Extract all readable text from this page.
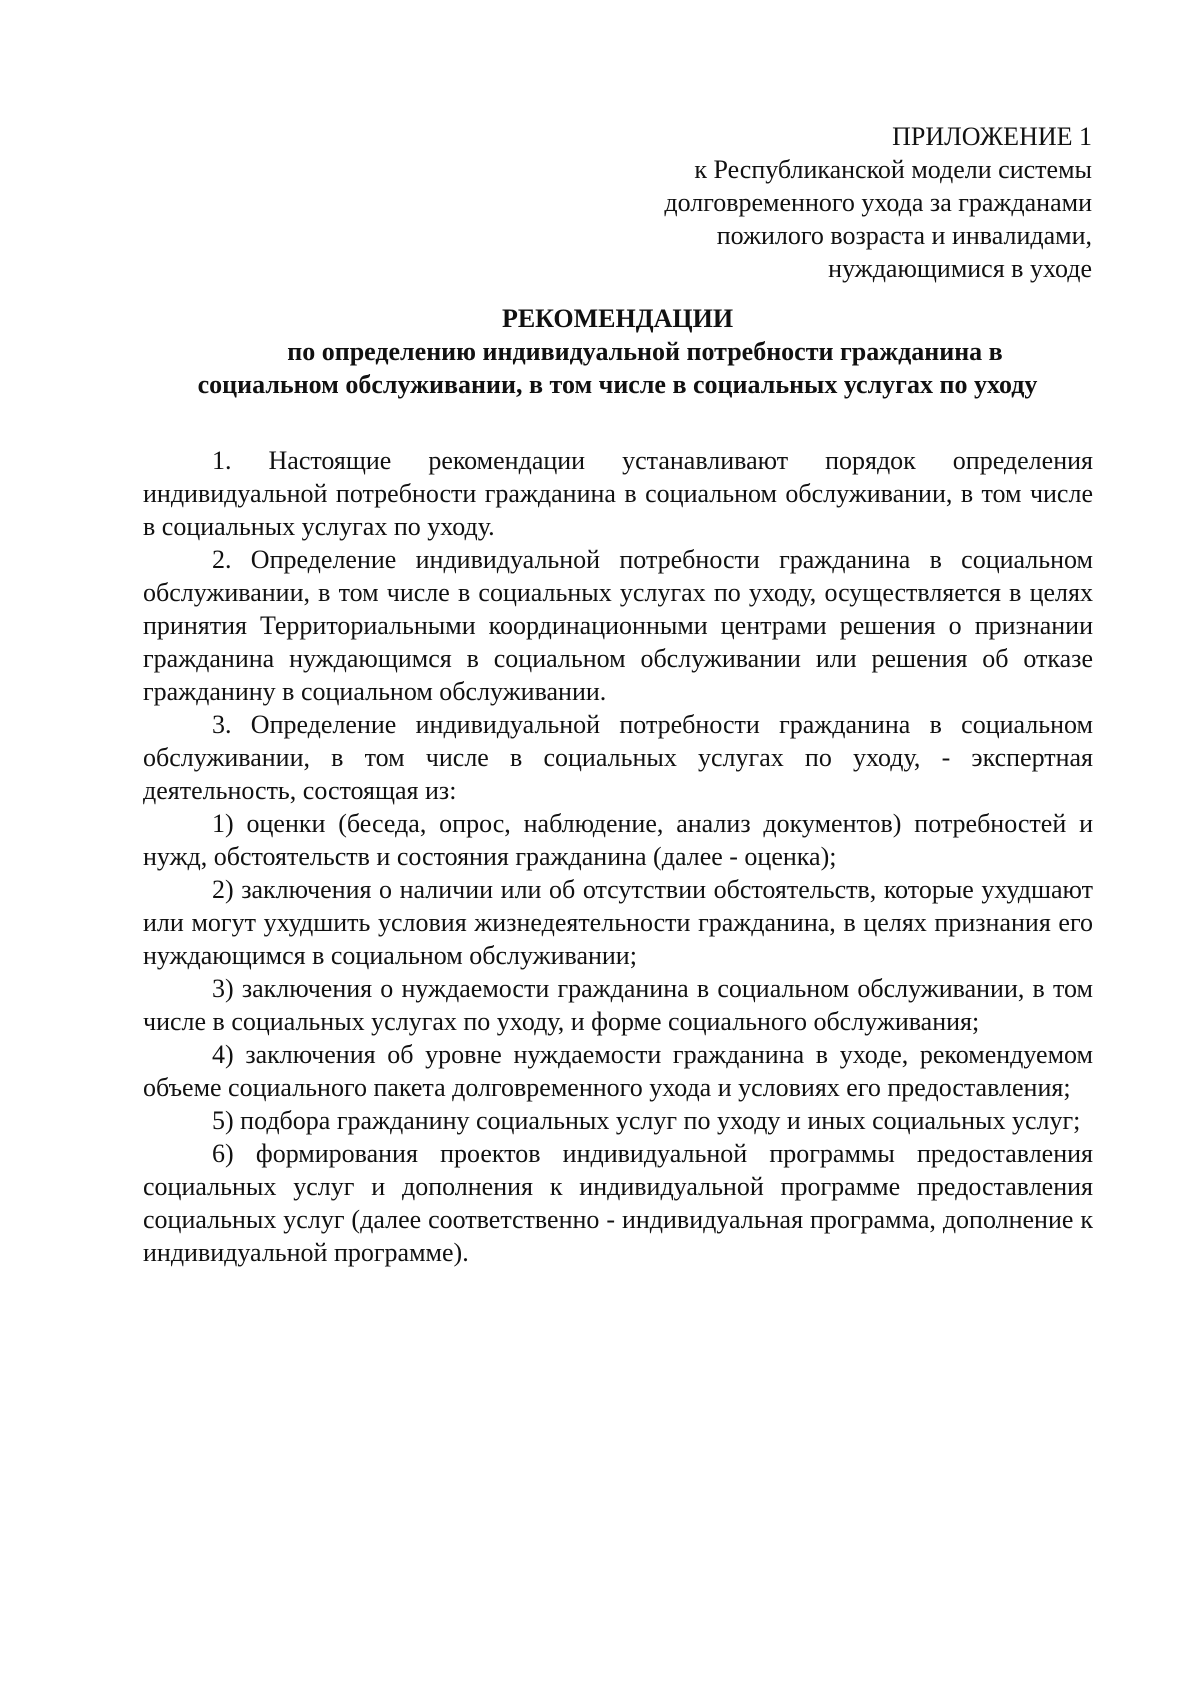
ПРИЛОЖЕНИЕ 1
к Республиканской модели системы
долговременного ухода за гражданами
пожилого возраста и инвалидами,
нуждающимися в уходе
РЕКОМЕНДАЦИИ
по определению индивидуальной потребности гражданина в
социальном обслуживании, в том числе в социальных услугах по уходу

1. Настоящие рекомендации устанавливают порядок определения индивидуальной потребности гражданина в социальном обслуживании, в том числе в социальных услугах по уходу.

2. Определение индивидуальной потребности гражданина в социальном обслуживании, в том числе в социальных услугах по уходу, осуществляется в целях принятия Территориальными координационными центрами решения о признании гражданина нуждающимся в социальном обслуживании или решения об отказе гражданину в социальном обслуживании.

3. Определение индивидуальной потребности гражданина в социальном обслуживании, в том числе в социальных услугах по уходу, - экспертная деятельность, состоящая из:

1) оценки (беседа, опрос, наблюдение, анализ документов) потребностей и нужд, обстоятельств и состояния гражданина (далее - оценка);

2) заключения о наличии или об отсутствии обстоятельств, которые ухудшают или могут ухудшить условия жизнедеятельности гражданина, в целях признания его нуждающимся в социальном обслуживании;

3) заключения о нуждаемости гражданина в социальном обслуживании, в том числе в социальных услугах по уходу, и форме социального обслуживания;

4) заключения об уровне нуждаемости гражданина в уходе, рекомендуемом объеме социального пакета долговременного ухода и условиях его предоставления;

5) подбора гражданину социальных услуг по уходу и иных социальных услуг;

6) формирования проектов индивидуальной программы предоставления социальных услуг и дополнения к индивидуальной программе предоставления социальных услуг (далее соответственно - индивидуальная программа, дополнение к индивидуальной программе).
